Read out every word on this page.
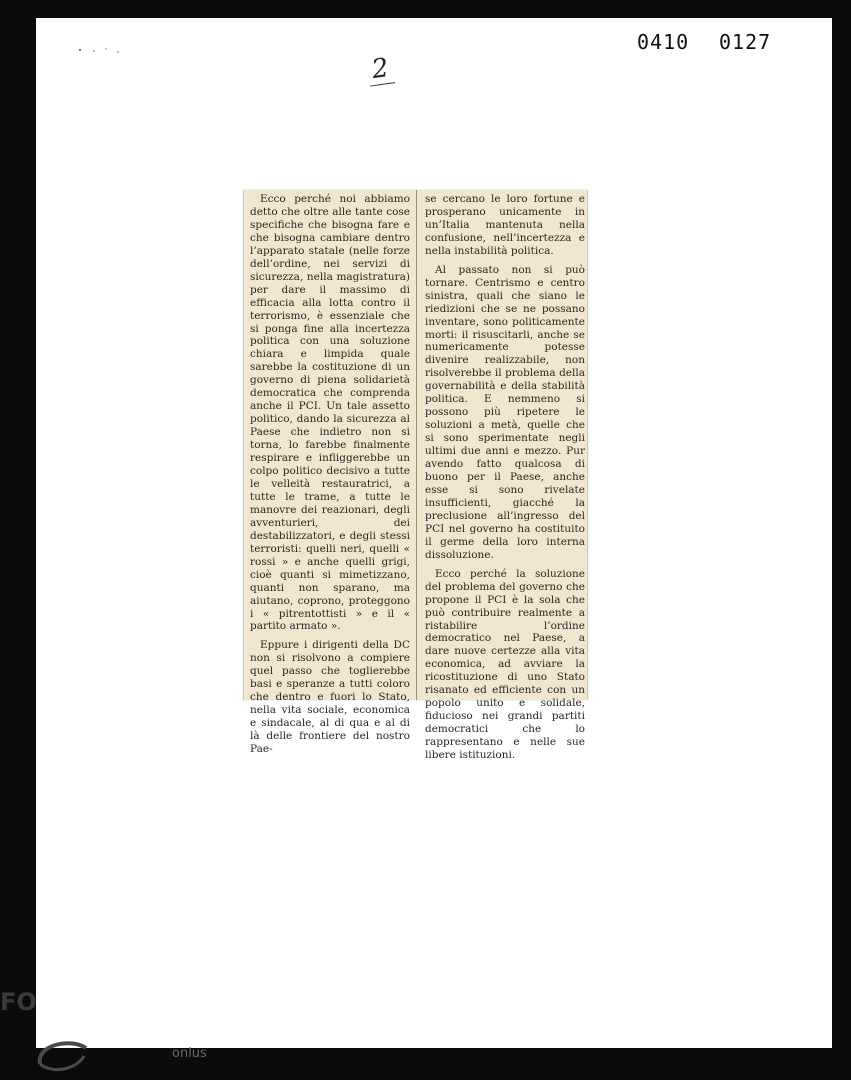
0410 0127
2

Ecco perché noi abbiamo detto che oltre alle tante cose specifiche che bisogna fare e che bisogna cambiare dentro l’apparato statale (nelle forze dell’ordine, nei servizi di sicurezza, nella magistratura) per dare il massimo di efficacia alla lotta contro il terrorismo, è essenziale che si ponga fine alla incertezza politica con una soluzione chiara e limpida quale sarebbe la costituzione di un governo di piena solidarietà democratica che comprenda anche il PCI. Un tale assetto politico, dando la sicurezza al Paese che indietro non si torna, lo farebbe finalmente respirare e infliggerebbe un colpo politico decisivo a tutte le velleità restauratrici, a tutte le trame, a tutte le manovre dei reazionari, degli avventurieri, dei destabilizzatori, e degli stessi terroristi: quelli neri, quelli « rossi » e anche quelli grigi, cioè quanti si mimetizzano, quanti non sparano, ma aiutano, coprono, proteggono i « pitrentottisti » e il « partito armato ».

Eppure i dirigenti della DC non si risolvono a compiere quel passo che toglierebbe basi e speranze a tutti coloro che dentro e fuori lo Stato, nella vita sociale, economica e sindacale, al di qua e al di là delle frontiere del nostro Pae-

se cercano le loro fortune e prosperano unicamente in un’Italia mantenuta nella confusione, nell’incertezza e nella instabilità politica.

Al passato non si può tornare. Centrismo e centro sinistra, quali che siano le riedizioni che se ne possano inventare, sono politicamente morti: il risuscitarli, anche se numericamente potesse divenire realizzabile, non risolverebbe il problema della governabilità e della stabilità politica. E nemmeno si possono più ripetere le soluzioni a metà, quelle che si sono sperimentate negli ultimi due anni e mezzo. Pur avendo fatto qualcosa di buono per il Paese, anche esse si sono rivelate insufficienti, giacché la preclusione all’ingresso del PCI nel governo ha costituito il germe della loro interna dissoluzione.

Ecco perché la soluzione del problema del governo che propone il PCI è la sola che può contribuire realmente a ristabilire l’ordine democratico nel Paese, a dare nuove certezze alla vita economica, ad avviare la ricostituzione di uno Stato risanato ed efficiente con un popolo unito e solidale, fiducioso nei grandi partiti democratici che lo rappresentano e nelle sue libere istituzioni.

FO
onlus
